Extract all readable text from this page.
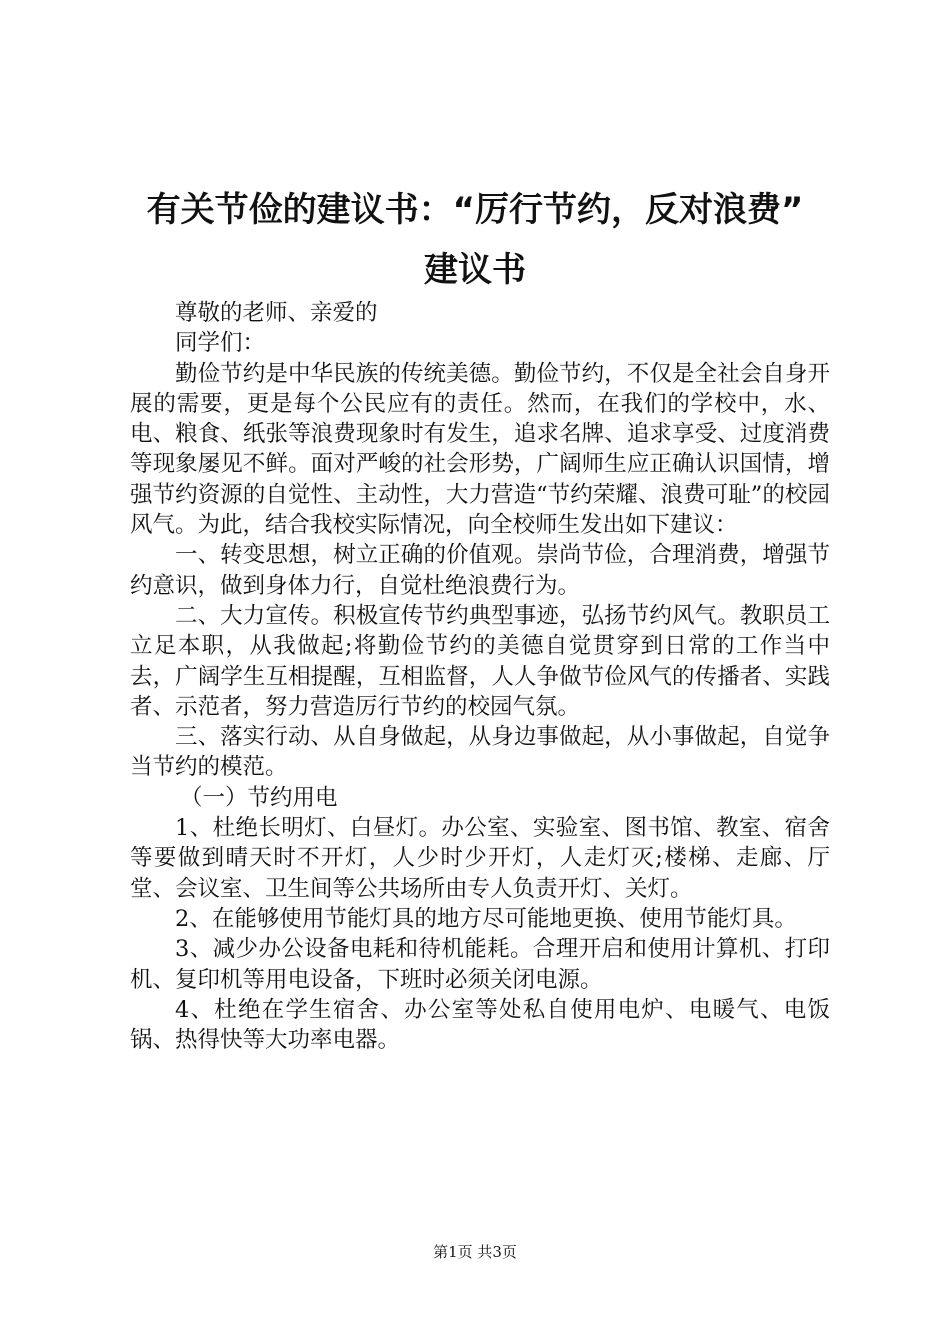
有关节俭的建议书：“厉行节约，反对浪费”
建议书

尊敬的老师、亲爱的

同学们：

勤俭节约是中华民族的传统美德。勤俭节约，不仅是全社会自身开展的需要，更是每个公民应有的责任。然而，在我们的学校中，水、电、粮食、纸张等浪费现象时有发生，追求名牌、追求享受、过度消费等现象屡见不鲜。面对严峻的社会形势，广阔师生应正确认识国情，增强节约资源的自觉性、主动性，大力营造“节约荣耀、浪费可耻”的校园风气。为此，结合我校实际情况，向全校师生发出如下建议：

一、转变思想，树立正确的价值观。崇尚节俭，合理消费，增强节约意识，做到身体力行，自觉杜绝浪费行为。

二、大力宣传。积极宣传节约典型事迹，弘扬节约风气。教职员工立足本职，从我做起;将勤俭节约的美德自觉贯穿到日常的工作当中去，广阔学生互相提醒，互相监督，人人争做节俭风气的传播者、实践者、示范者，努力营造厉行节约的校园气氛。

三、落实行动、从自身做起，从身边事做起，从小事做起，自觉争当节约的模范。

（一）节约用电

1、杜绝长明灯、白昼灯。办公室、实验室、图书馆、教室、宿舍等要做到晴天时不开灯，人少时少开灯，人走灯灭;楼梯、走廊、厅堂、会议室、卫生间等公共场所由专人负责开灯、关灯。

2、在能够使用节能灯具的地方尽可能地更换、使用节能灯具。

3、减少办公设备电耗和待机能耗。合理开启和使用计算机、打印机、复印机等用电设备，下班时必须关闭电源。

4、杜绝在学生宿舍、办公室等处私自使用电炉、电暖气、电饭锅、热得快等大功率电器。

第1页 共3页
